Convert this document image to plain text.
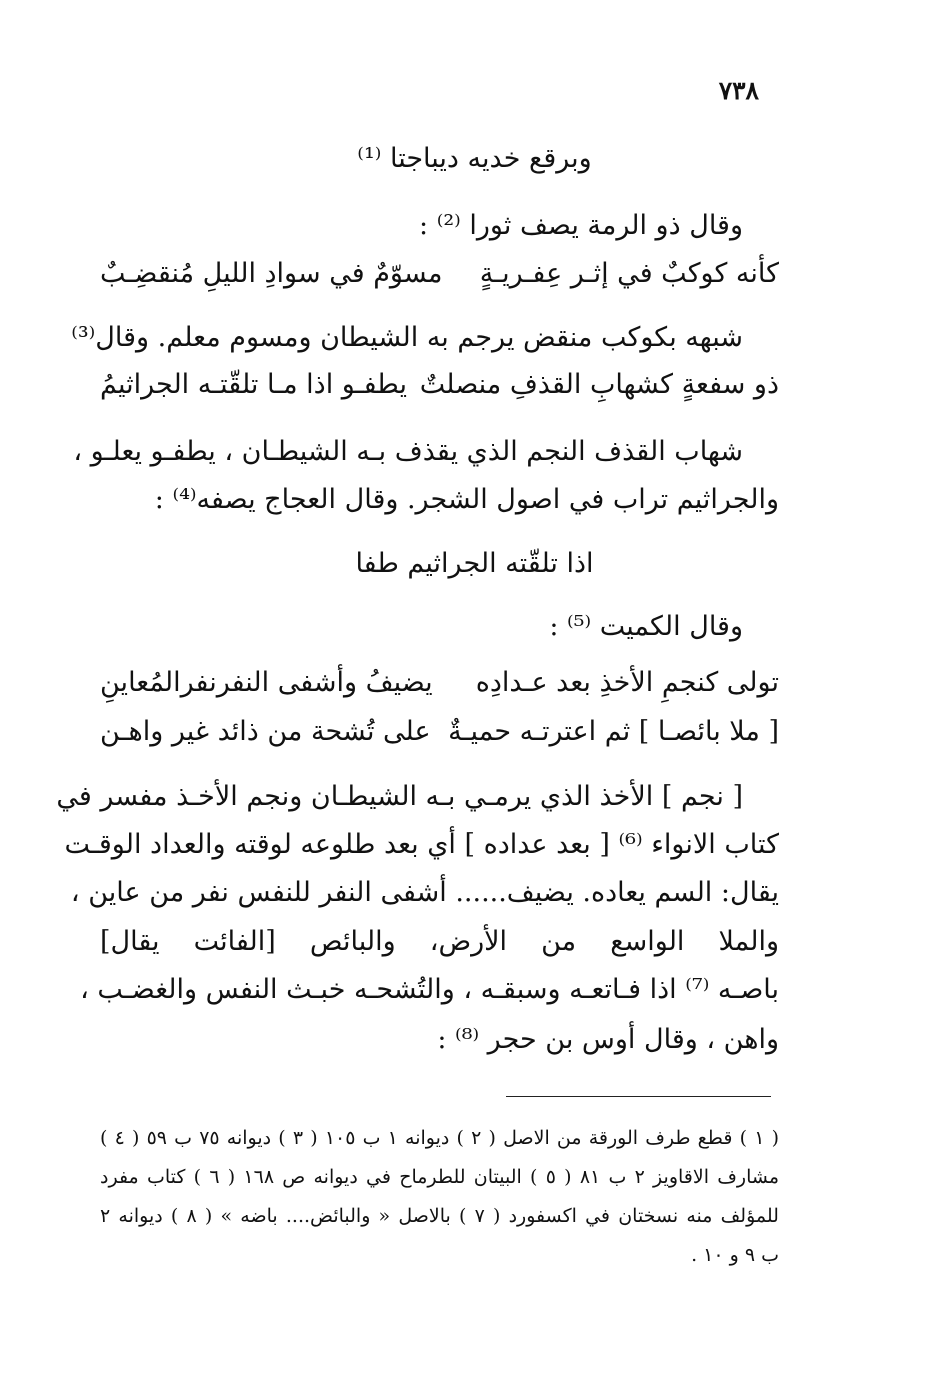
٧٣٨
وبرقع خديه ديباجتا ⁽¹⁾
وقال ذو الرمة يصف ثورا ⁽²⁾ :
كأنه كوكبٌ في إثـر عِفـريـةٍ
مسوّمٌ في سوادِ الليلِ مُنقضِـبٌ
شبهه بكوكب منقض يرجم به الشيطان ومسوم معلم. وقال⁽³⁾
ذو سفعةٍ كشهابِ القذفِ منصلتٌ
يطفـو اذا مـا تلقّتـه الجراثيمُ
شهاب القذف النجم الذي يقذف بـه الشيطـان ، يطفـو يعلـو ،
والجراثيم تراب في اصول الشجر. وقال العجاج يصفه⁽⁴⁾ :
اذا تلقّته الجراثيم طفا
وقال الكميت ⁽⁵⁾ :
تولى كنجمِ الأخذِ بعد عـدادِه
يضيفُ وأشفى النفرنفرالمُعاينِ
[ ملا بائصـا ] ثم اعترتـه حميـةٌ
على تُشحة من ذائد غير واهـن
[ نجم ] الأخذ الذي يرمـي بـه الشيطـان ونجم الأخـذ مفسر في
كتاب الانواء ⁽⁶⁾ [ بعد عداده ] أي بعد طلوعه لوقته والعداد الوقـت
يقال: السم يعاده. يضيف...... أشفى النفر للنفس نفر من عاين ،
والملا الواسع من الأرض، والبائص [الفائت يقال]
باصـه ⁽⁷⁾ اذا فـاتعـه وسبقـه ، والتُشحـه خبـث النفس والغضـب ،
واهن ، وقال أوس بن حجر ⁽⁸⁾ :
( ١ ) قطع طرف الورقة من الاصل ( ٢ ) ديوانه ١ ب ١٠٥ ( ٣ ) ديوانه ٧٥ ب ٥٩ ( ٤ )
مشارف الاقاويز ٢ ب ٨١ ( ٥ ) البيتان للطرماح في ديوانه ص ١٦٨ ( ٦ ) كتاب مفرد
للمؤلف منه نسختان في اكسفورد ( ٧ ) بالاصل « والبائض.... باضه » ( ٨ ) ديوانه ٢
ب ٩ و ١٠ .
